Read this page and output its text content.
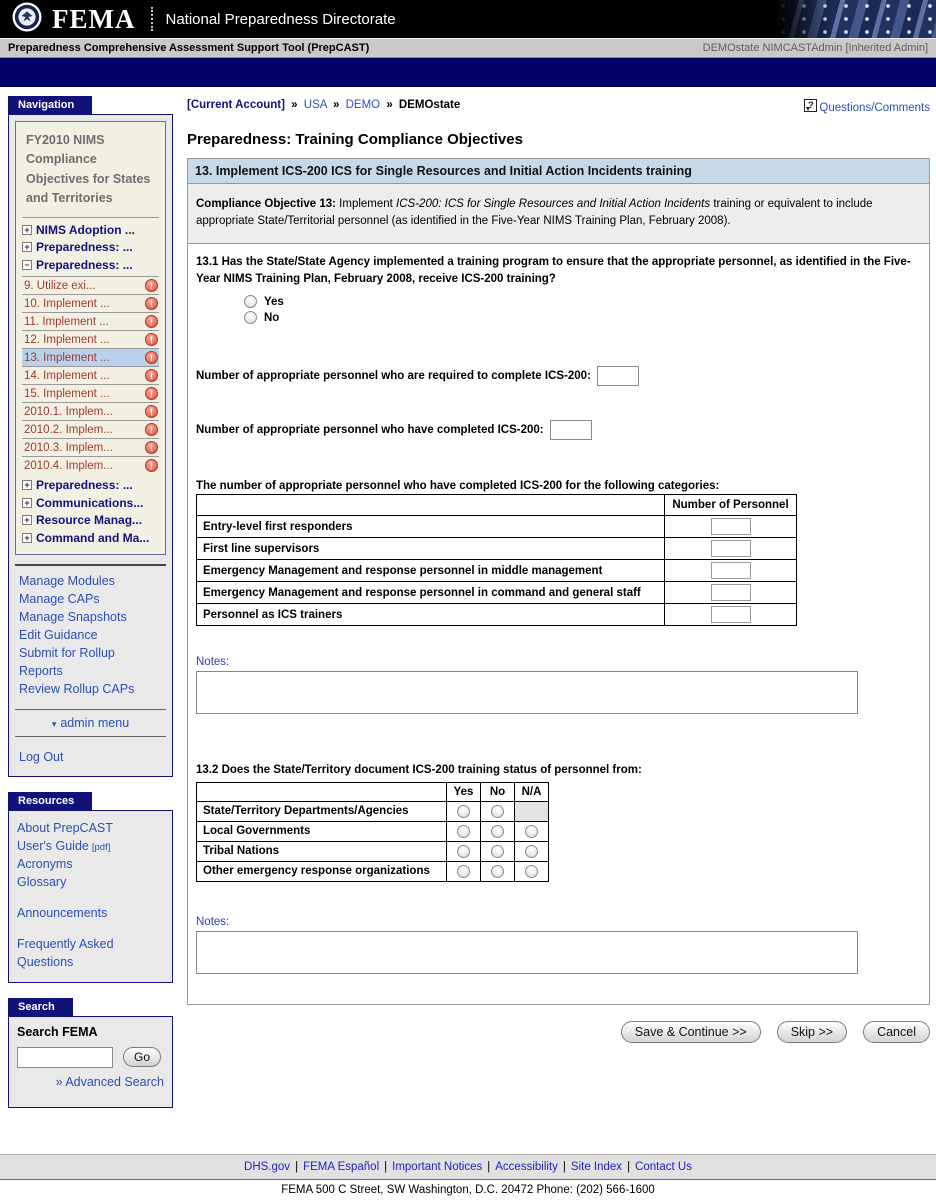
FEMA National Preparedness Directorate
Preparedness Comprehensive Assessment Support Tool (PrepCAST)	DEMOstate NIMCASTAdmin [Inherited Admin]
Navigation
FY2010 NIMS Compliance Objectives for States and Territories
+ NIMS Adoption ...
+ Preparedness: ...
− Preparedness: ...
9. Utilize exi...	!
10. Implement ...	!
11. Implement ...	!
12. Implement ...	!
13. Implement ...	!
14. Implement ...	!
15. Implement ...	!
2010.1. Implem...	!
2010.2. Implem...	!
2010.3. Implem...	!
2010.4. Implem...	!
+ Preparedness: ...
+ Communications...
+ Resource Manag...
+ Command and Ma...
Manage Modules
Manage CAPs
Manage Snapshots
Edit Guidance
Submit for Rollup
Reports
Review Rollup CAPs
▾ admin menu
Log Out
Resources
About PrepCAST
User's Guide [pdf]
Acronyms
Glossary
Announcements
Frequently Asked Questions
Search
Search FEMA
Go
» Advanced Search
[Current Account] » USA » DEMO » DEMOstate	? Questions/Comments
Preparedness: Training Compliance Objectives
13. Implement ICS-200 ICS for Single Resources and Initial Action Incidents training
Compliance Objective 13: Implement ICS-200: ICS for Single Resources and Initial Action Incidents training or equivalent to include appropriate State/Territorial personnel (as identified in the Five-Year NIMS Training Plan, February 2008).
13.1 Has the State/State Agency implemented a training program to ensure that the appropriate personnel, as identified in the Five-Year NIMS Training Plan, February 2008, receive ICS-200 training?
Yes
No
Number of appropriate personnel who are required to complete ICS-200:
Number of appropriate personnel who have completed ICS-200:
The number of appropriate personnel who have completed ICS-200 for the following categories:
	Number of Personnel
Entry-level first responders	
First line supervisors	
Emergency Management and response personnel in middle management	
Emergency Management and response personnel in command and general staff	
Personnel as ICS trainers	
Notes:
13.2 Does the State/Territory document ICS-200 training status of personnel from:
	Yes	No	N/A
State/Territory Departments/Agencies			
Local Governments			
Tribal Nations			
Other emergency response organizations			
Notes:
Save & Continue >>	Skip >>	Cancel
DHS.gov | FEMA Español | Important Notices | Accessibility | Site Index | Contact Us
FEMA 500 C Street, SW Washington, D.C. 20472 Phone: (202) 566-1600
